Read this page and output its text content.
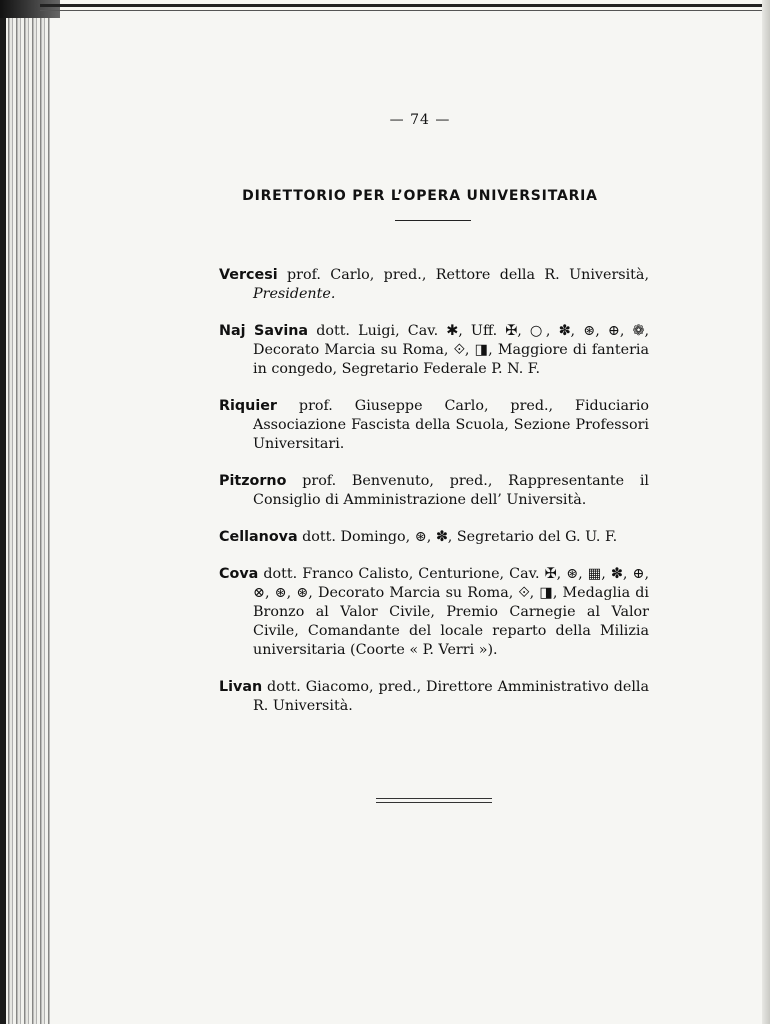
— 74 —
DIRETTORIO PER L’OPERA UNIVERSITARIA

Vercesi prof. Carlo, pred., Rettore della R. Università, Presidente.

Naj Savina dott. Luigi, Cav. ✱, Uff. ✠, ○, ✽, ⊛, ⊕, ❁, Decorato Marcia su Roma, ⟐, ◨, Maggiore di fanteria in congedo, Segretario Federale P. N. F.

Riquier prof. Giuseppe Carlo, pred., Fiduciario Associazione Fascista della Scuola, Sezione Professori Universitari.

Pitzorno prof. Benvenuto, pred., Rappresentante il Consiglio di Amministrazione dell’ Università.

Cellanova dott. Domingo, ⊛, ✽, Segretario del G. U. F.

Cova dott. Franco Calisto, Centurione, Cav. ✠, ⊛, ▦, ✽, ⊕, ⊗, ⊛, ⊛, Decorato Marcia su Roma, ⟐, ◨, Medaglia di Bronzo al Valor Civile, Premio Carnegie al Valor Civile, Comandante del locale reparto della Milizia universitaria (Coorte « P. Verri »).

Livan dott. Giacomo, pred., Direttore Amministrativo della R. Università.
